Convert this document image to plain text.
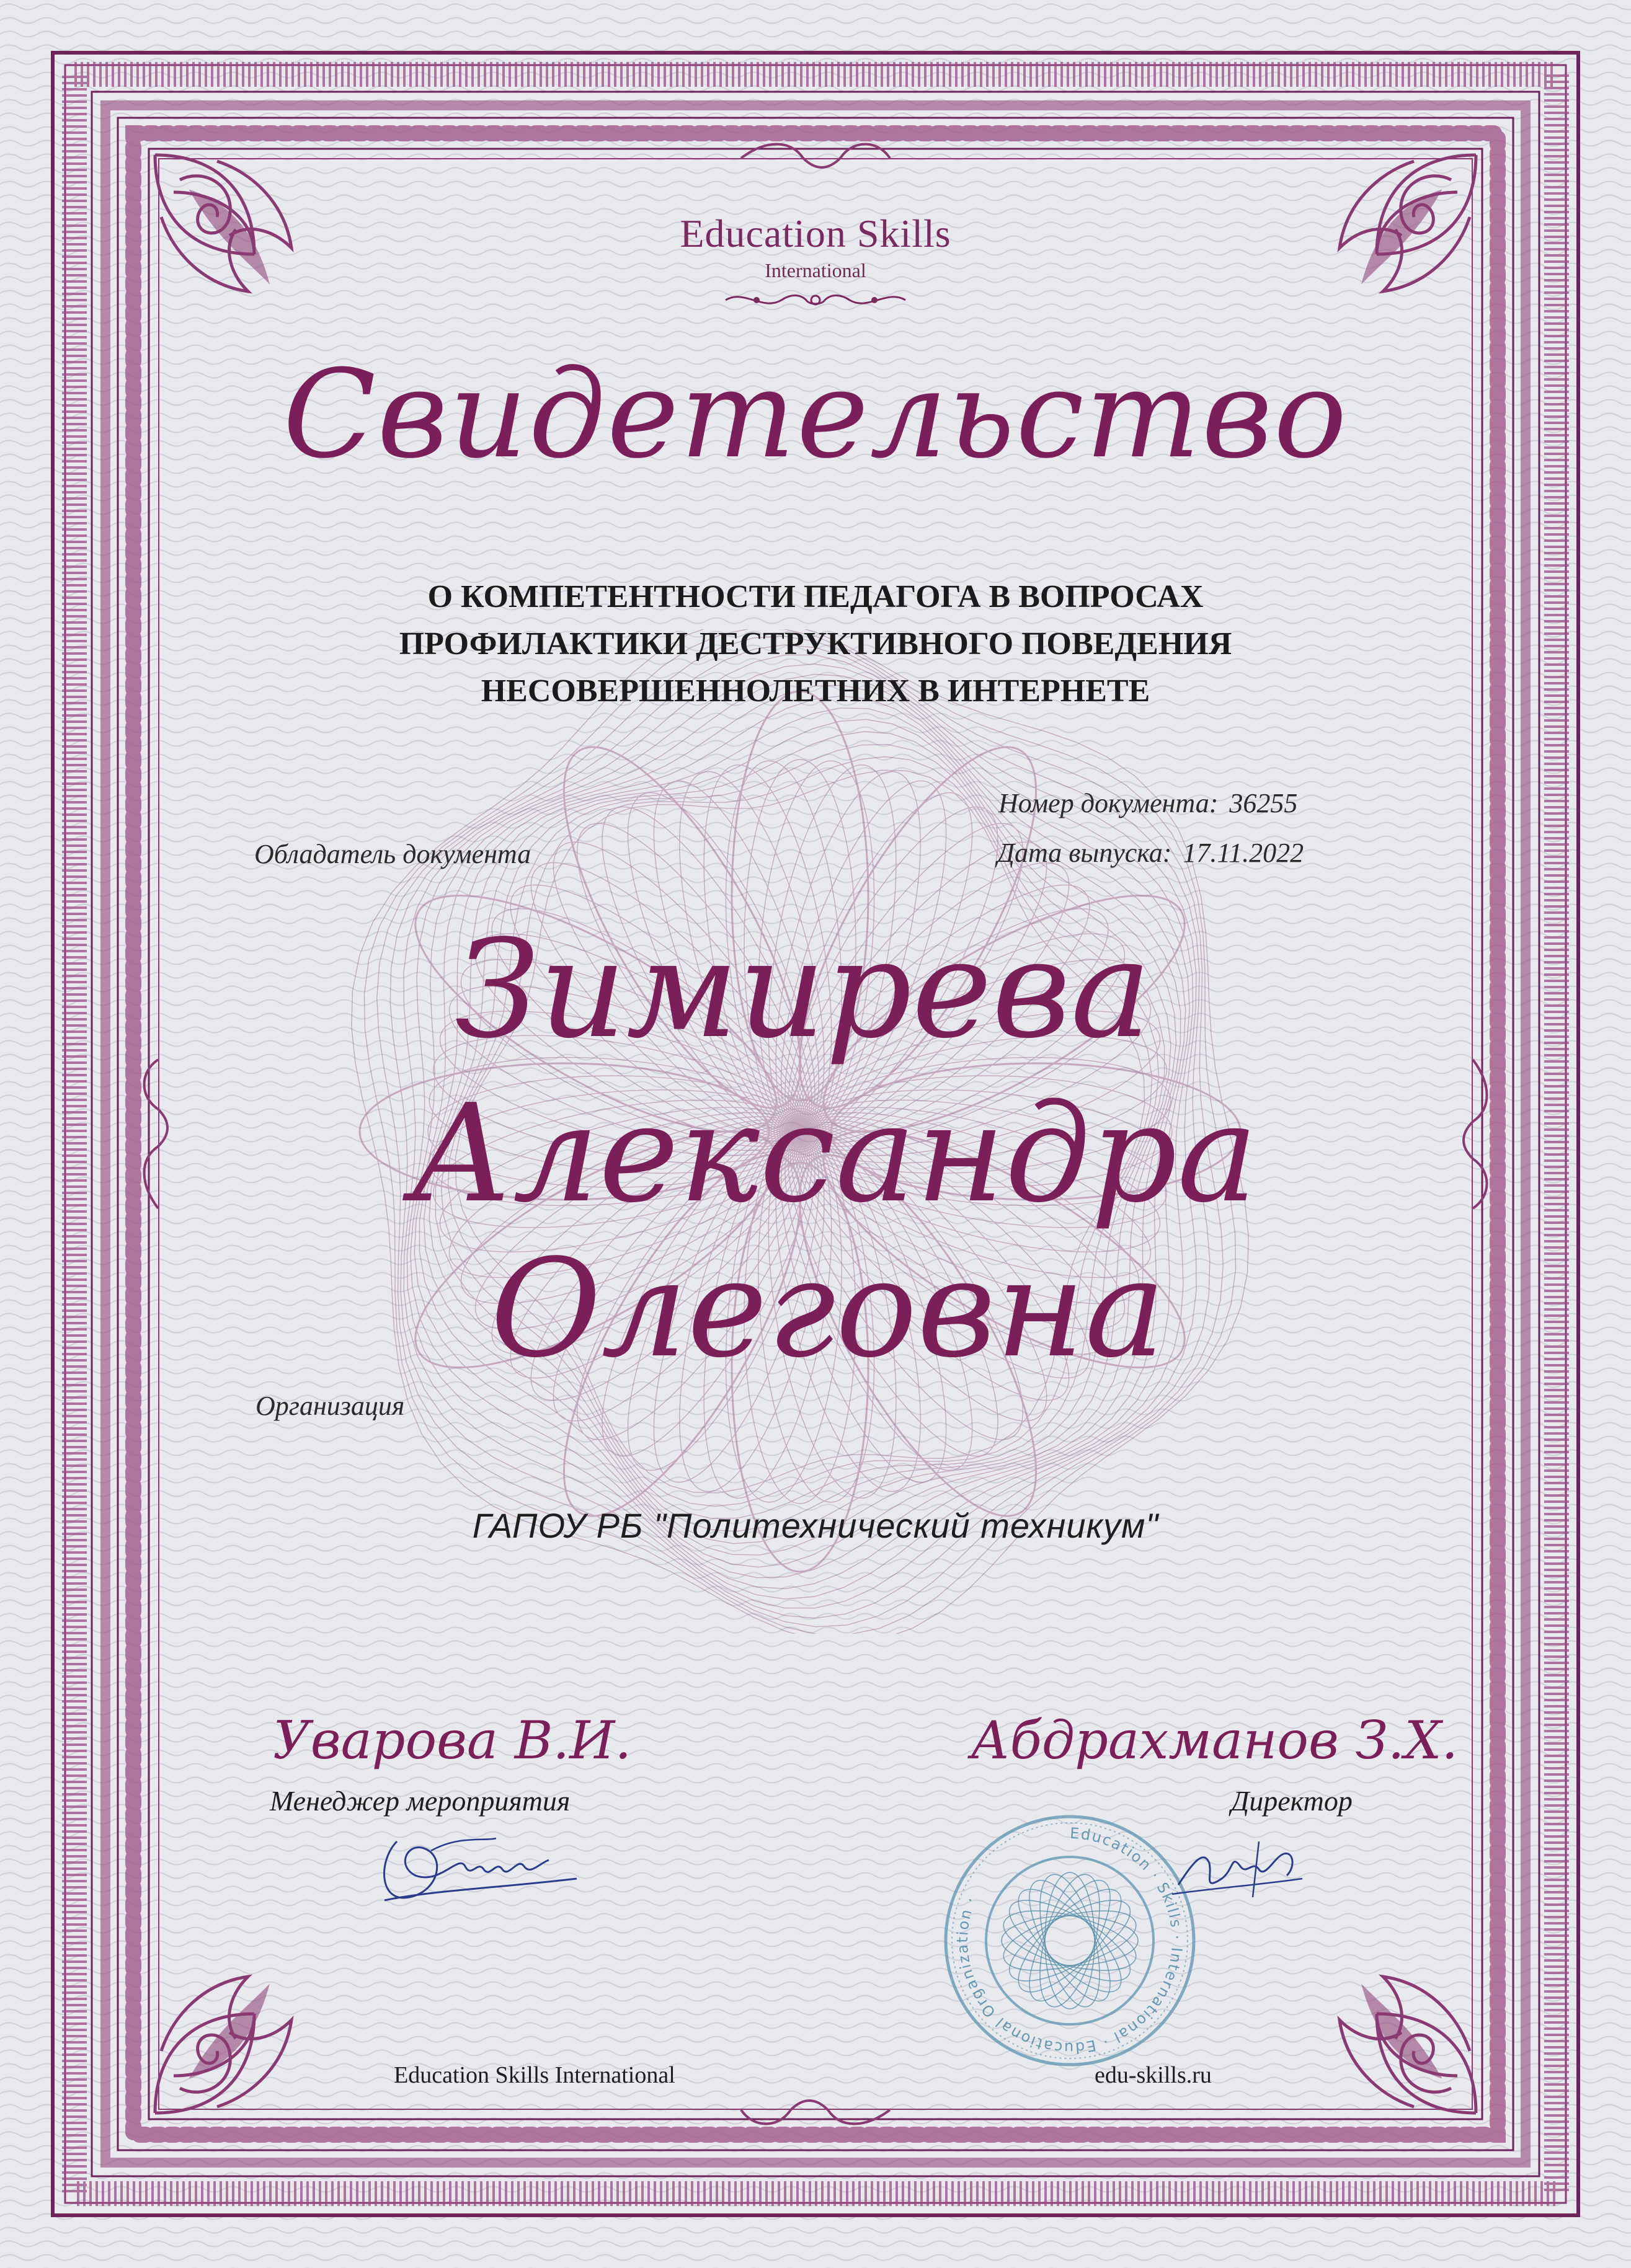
Education Skills
International
Свидетельство
О КОМПЕТЕНТНОСТИ ПЕДАГОГА В ВОПРОСАХ
ПРОФИЛАКТИКИ ДЕСТРУКТИВНОГО ПОВЕДЕНИЯ
НЕСОВЕРШЕННОЛЕТНИХ В ИНТЕРНЕТЕ
Номер документа: 36255
Дата выпуска: 17.11.2022
Обладатель документа
Зимирева
Александра
Олеговна
Организация
ГАПОУ РБ "Политехнический техникум"
Уварова В.И.	Абдрахманов З.Х.
Менеджер мероприятия	Директор
Education · Skills · International · Educational Organization ·
Education Skills International	edu-skills.ru
